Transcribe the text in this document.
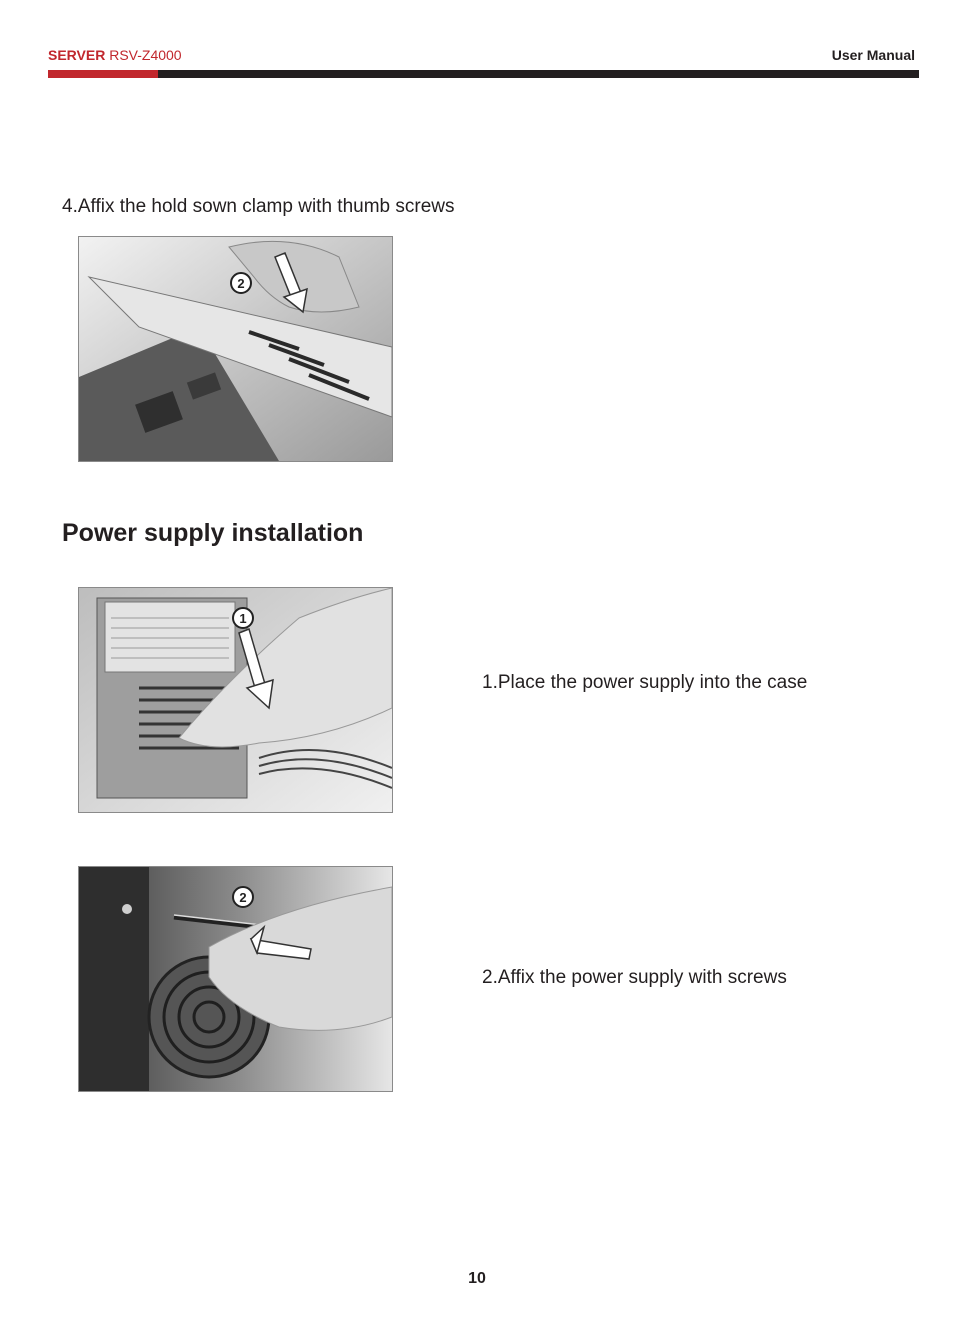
SERVER RSV-Z4000	User Manual
4.Affix the hold sown clamp with thumb screws
2
Power supply installation
1
1.Place the power supply into the case
2
2.Affix the power supply with screws
10
